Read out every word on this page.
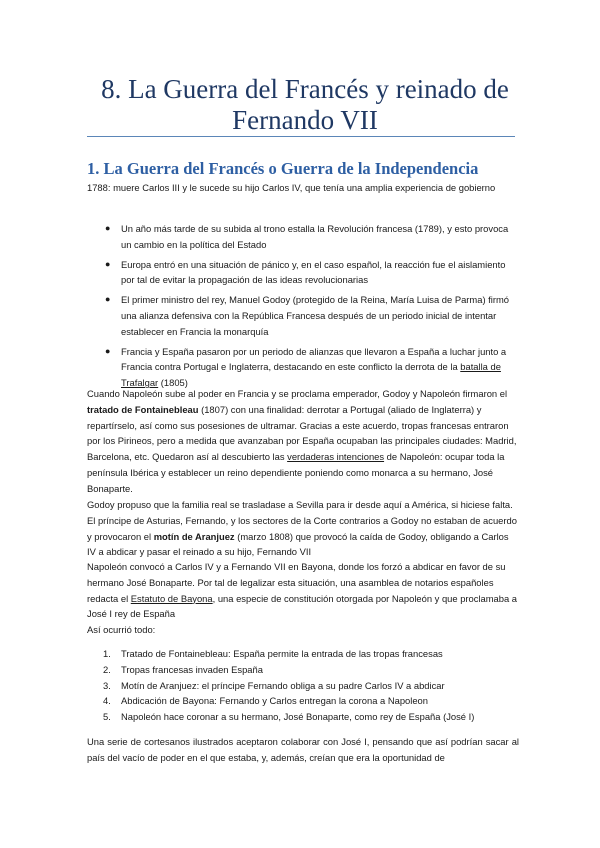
8. La Guerra del Francés y reinado de Fernando VII
1. La Guerra del Francés o Guerra de la Independencia

1788: muere Carlos III y le sucede su hijo Carlos IV, que tenía una amplia experiencia de gobierno

● Un año más tarde de su subida al trono estalla la Revolución francesa (1789), y esto provoca un cambio en la política del Estado
● Europa entró en una situación de pánico y, en el caso español, la reacción fue el aislamiento por tal de evitar la propagación de las ideas revolucionarias
● El primer ministro del rey, Manuel Godoy (protegido de la Reina, María Luisa de Parma) firmó una alianza defensiva con la República Francesa después de un periodo inicial de intentar establecer en Francia la monarquía
● Francia y España pasaron por un periodo de alianzas que llevaron a España a luchar junto a Francia contra Portugal e Inglaterra, destacando en este conflicto la derrota de la batalla de Trafalgar (1805)

Cuando Napoleón sube al poder en Francia y se proclama emperador, Godoy y Napoleón firmaron el tratado de Fontainebleau (1807) con una finalidad: derrotar a Portugal (aliado de Inglaterra) y repartírselo, así como sus posesiones de ultramar. Gracias a este acuerdo, tropas francesas entraron por los Pirineos, pero a medida que avanzaban por España ocupaban las principales ciudades: Madrid, Barcelona, etc. Quedaron así al descubierto las verdaderas intenciones de Napoleón: ocupar toda la península Ibérica y establecer un reino dependiente poniendo como monarca a su hermano, José Bonaparte.

Godoy propuso que la familia real se trasladase a Sevilla para ir desde aquí a América, si hiciese falta. El príncipe de Asturias, Fernando, y los sectores de la Corte contrarios a Godoy no estaban de acuerdo y provocaron el motín de Aranjuez (marzo 1808) que provocó la caída de Godoy, obligando a Carlos IV a abdicar y pasar el reinado a su hijo, Fernando VII

Napoleón convocó a Carlos IV y a Fernando VII en Bayona, donde los forzó a abdicar en favor de su hermano José Bonaparte. Por tal de legalizar esta situación, una asamblea de notarios españoles redacta el Estatuto de Bayona, una especie de constitución otorgada por Napoleón y que proclamaba a José I rey de España

Así ocurrió todo:

1. Tratado de Fontainebleau: España permite la entrada de las tropas francesas
2. Tropas francesas invaden España
3. Motín de Aranjuez: el príncipe Fernando obliga a su padre Carlos IV a abdicar
4. Abdicación de Bayona: Fernando y Carlos entregan la corona a Napoleon
5. Napoleón hace coronar a su hermano, José Bonaparte, como rey de España (José I)

Una serie de cortesanos ilustrados aceptaron colaborar con José I, pensando que así podrían sacar al país del vacío de poder en el que estaba, y, además, creían que era la oportunidad de
